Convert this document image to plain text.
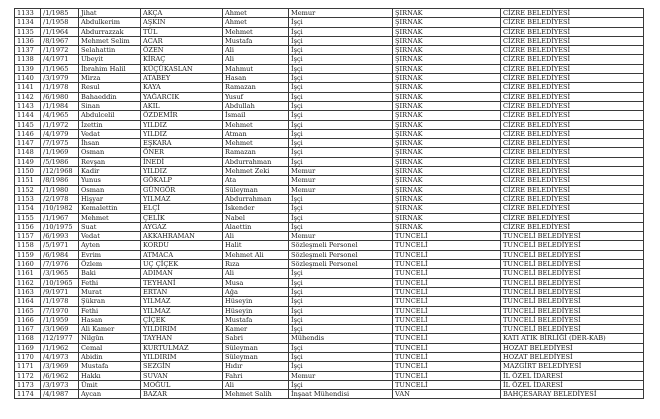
1133	/1/1985	Jihat	AKÇA	Ahmet	Memur	ŞIRNAK	CİZRE BELEDİYESİ
1134	/1/1958	Abdulkerim	AŞKIN	Ahmet	İşçi	ŞIRNAK	CİZRE BELEDİYESİ
1135	/1/1964	Abdurrazzak	TÜL	Mehmet	İşçi	ŞIRNAK	CİZRE BELEDİYESİ
1136	/8/1967	Mehmet Selim	ACAR	Mustafa	İşçi	ŞIRNAK	CİZRE BELEDİYESİ
1137	/1/1972	Selahattin	ÖZEN	Ali	İşçi	ŞIRNAK	CİZRE BELEDİYESİ
1138	/4/1971	Ubeyit	KİRAÇ	Ali	İşçi	ŞIRNAK	CİZRE BELEDİYESİ
1139	/1/1965	İbrahim Halil	KÜÇÜKASLAN	Mahmut	İşçi	ŞIRNAK	CİZRE BELEDİYESİ
1140	/3/1979	Mirza	ATABEY	Hasan	İşçi	ŞIRNAK	CİZRE BELEDİYESİ
1141	/1/1978	Resul	KAYA	Ramazan	İşçi	ŞIRNAK	CİZRE BELEDİYESİ
1142	/6/1980	Bahaeddin	YAĞARCIK	Yusuf	İşçi	ŞIRNAK	CİZRE BELEDİYESİ
1143	/1/1984	Sinan	AKIL	Abdullah	İşçi	ŞIRNAK	CİZRE BELEDİYESİ
1144	/4/1965	Abdulcelil	ÖZDEMİR	İsmail	İşçi	ŞIRNAK	CİZRE BELEDİYESİ
1145	/1/1972	İzettin	YILDIZ	Mehmet	İşçi	ŞIRNAK	CİZRE BELEDİYESİ
1146	/4/1979	Vedat	YILDIZ	Atman	İşçi	ŞIRNAK	CİZRE BELEDİYESİ
1147	/7/1975	İhsan	EŞKARA	Mehmet	İşçi	ŞIRNAK	CİZRE BELEDİYESİ
1148	/1/1969	Osman	ÖNER	Ramazan	İşçi	ŞIRNAK	CİZRE BELEDİYESİ
1149	/5/1986	Revşan	İNEDİ	Abdurrahman	İşçi	ŞIRNAK	CİZRE BELEDİYESİ
1150	/12/1968	Kadir	YILDIZ	Mehmet Zeki	Memur	ŞIRNAK	CİZRE BELEDİYESİ
1151	/8/1986	Yunus	GÖKALP	Ata	Memur	ŞIRNAK	CİZRE BELEDİYESİ
1152	/1/1980	Osman	GÜNGÖR	Süleyman	Memur	ŞIRNAK	CİZRE BELEDİYESİ
1153	/2/1978	Hişyar	YILMAZ	Abdurrahman	İşçi	ŞIRNAK	CİZRE BELEDİYESİ
1154	/10/1982	Kemalettin	ELÇİ	İskender	İşçi	ŞIRNAK	CİZRE BELEDİYESİ
1155	/1/1967	Mehmet	ÇELİK	Nabel	İşçi	ŞIRNAK	CİZRE BELEDİYESİ
1156	/10/1975	Suat	AYGAZ	Alaettin	İşçi	ŞIRNAK	CİZRE BELEDİYESİ
1157	/6/1993	Vedat	AKKAHRAMAN	Ali	Memur	TUNCELİ	TUNCELİ BELEDİYESİ
1158	/5/1971	Ayten	KORDU	Halit	Sözleşmeli Personel	TUNCELİ	TUNCELİ BELEDİYESİ
1159	/6/1984	Evrim	ATMACA	Mehmet Ali	Sözleşmeli Personel	TUNCELİ	TUNCELİ BELEDİYESİ
1160	/7/1976	Özlem	UÇ ÇİÇEK	Rıza	Sözleşmeli Personel	TUNCELİ	TUNCELİ BELEDİYESİ
1161	/3/1965	Baki	ADIMAN	Ali	İşçi	TUNCELİ	TUNCELİ BELEDİYESİ
1162	/10/1965	Fethi	TEYHANİ	Musa	İşçi	TUNCELİ	TUNCELİ BELEDİYESİ
1163	/9/1971	Murat	ERTAN	Ağa	İşçi	TUNCELİ	TUNCELİ BELEDİYESİ
1164	/1/1978	Şükran	YILMAZ	Hüseyin	İşçi	TUNCELİ	TUNCELİ BELEDİYESİ
1165	/7/1970	Fethi	YILMAZ	Hüseyin	İşçi	TUNCELİ	TUNCELİ BELEDİYESİ
1166	/1/1959	Hasan	ÇİÇEK	Mustafa	İşçi	TUNCELİ	TUNCELİ BELEDİYESİ
1167	/3/1969	Ali Kamer	YILDIRIM	Kamer	İşçi	TUNCELİ	TUNCELİ BELEDİYESİ
1168	/12/1977	Nilgün	TAYHAN	Sabri	Mühendis	TUNCELİ	KATI ATIK BİRLİĞİ (DER-KAB)
1169	/1/1962	Cemal	KURTULMAZ	Süleyman	İşçi	TUNCELİ	HOZAT BELEDİYESİ
1170	/4/1973	Abidin	YILDIRIM	Süleyman	İşçi	TUNCELİ	HOZAT BELEDİYESİ
1171	/3/1969	Mustafa	SEZGİN	Hıdır	İşçi	TUNCELİ	MAZGİRT BELEDİYESİ
1172	/6/1962	Hakkı	SUVAN	Fahri	Memur	TUNCELİ	İL ÖZEL İDARESİ
1173	/3/1973	Ümit	MOĞUL	Ali	İşçi	TUNCELİ	İL ÖZEL İDARESİ
1174	/4/1987	Aycan	BAZAR	Mehmet Salih	İnşaat Mühendisi	VAN	BAHÇESARAY BELEDİYESİ
